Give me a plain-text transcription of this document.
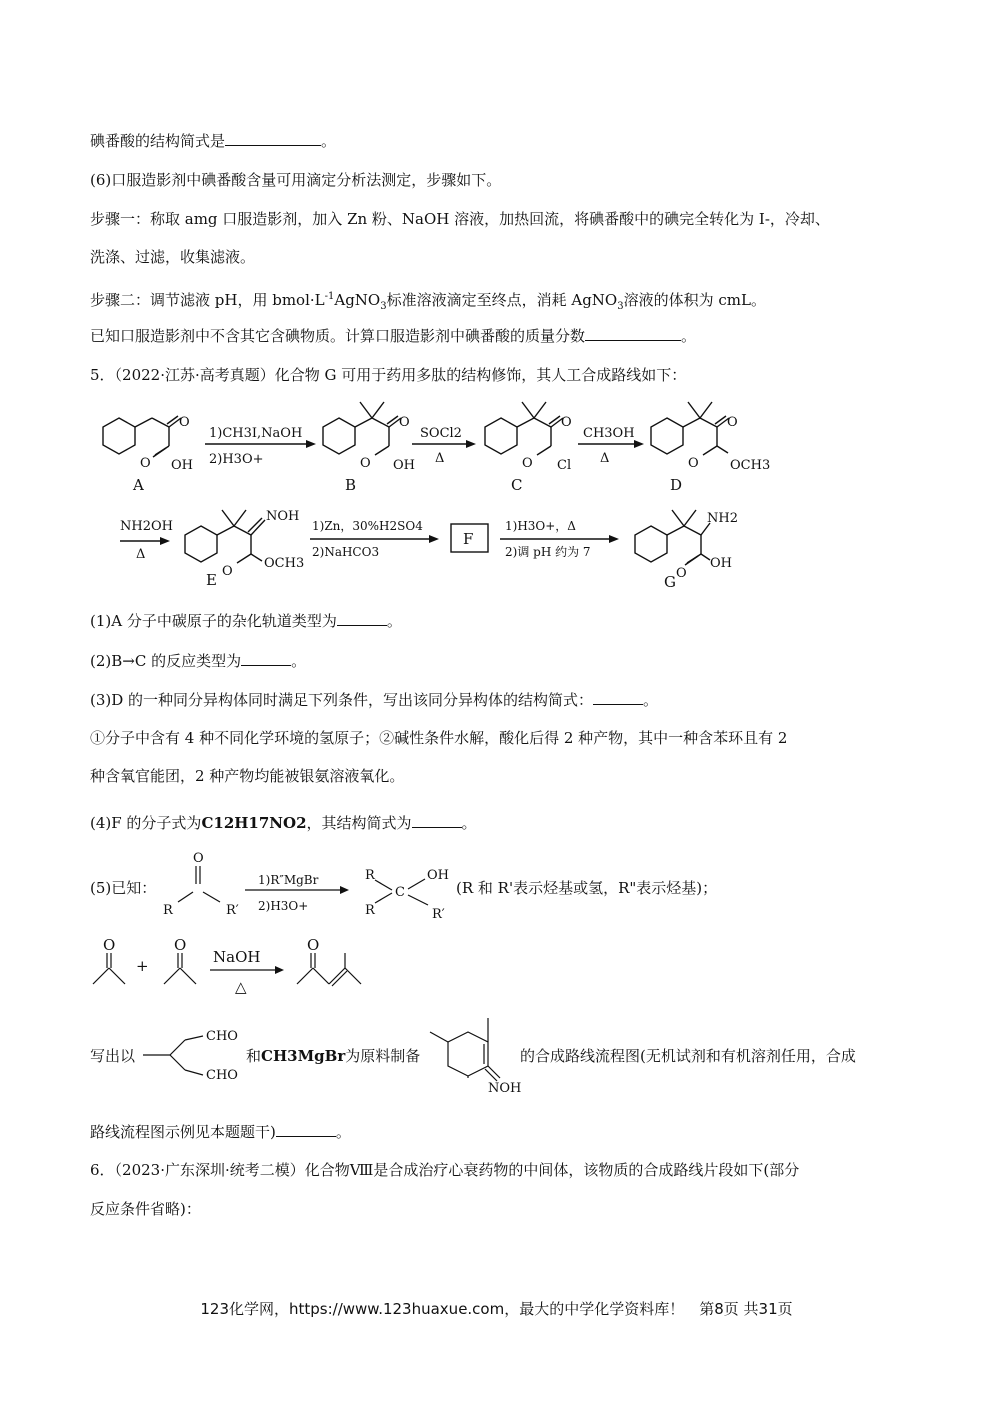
碘番酸的结构简式是	。
(6)口服造影剂中碘番酸含量可用滴定分析法测定，步骤如下。
步骤一：称取 amg 口服造影剂，加入 Zn 粉、NaOH 溶液，加热回流，将碘番酸中的碘完全转化为 I-，冷却、
洗涤、过滤，收集滤液。
步骤二：调节滤液 pH，用 $bmol\cdot L^{-1}AgNO_3$标准溶液滴定至终点，消耗 AgNO$_3$溶液的体积为 cmL。
已知口服造影剂中不含其它含碘物质。计算口服造影剂中碘番酸的质量分数	。
5．（2022·江苏·高考真题）化合物 G 可用于药用多肽的结构修饰，其人工合成路线如下：
O
OH
O
A
1)CH3I,NaOH
2)H3O+
O
OH
O
B
SOCl2
Δ
O
Cl
O
C
CH3OH
Δ
O
OCH3
O
D
NH2OH
Δ
NOH
OCH3
O
E
1)Zn，30%H2SO4
2)NaHCO3
F
1)H3O+，Δ
2)调 pH 约为 7
NH2
OH
O
G
O
R	R′
1)R″MgBr
2)H3O+
R
R
C
OH
R′
O
+
O
NaOH
△
O
CHO
CHO
NOH
(1)A 分子中碳原子的杂化轨道类型为	。
(2)B→C 的反应类型为	。
(3)D 的一种同分异构体同时满足下列条件，写出该同分异构体的结构简式：	。
①分子中含有 4 种不同化学环境的氢原子；②碱性条件水解，酸化后得 2 种产物，其中一种含苯环且有 2
种含氧官能团，2 种产物均能被银氨溶液氧化。
(4)F 的分子式为C12H17NO2，其结构简式为	。
(5)已知：	(R 和 R'表示烃基或氢，R"表示烃基)；
写出以	和CH3MgBr为原料制备	的合成路线流程图(无机试剂和有机溶剂任用，合成
路线流程图示例见本题题干)	。
6．（2023·广东深圳·统考二模）化合物Ⅷ是合成治疗心衰药物的中间体，该物质的合成路线片段如下(部分
反应条件省略)：
123化学网，https://www.123huaxue.com，最大的中学化学资料库！　第8页 共31页
